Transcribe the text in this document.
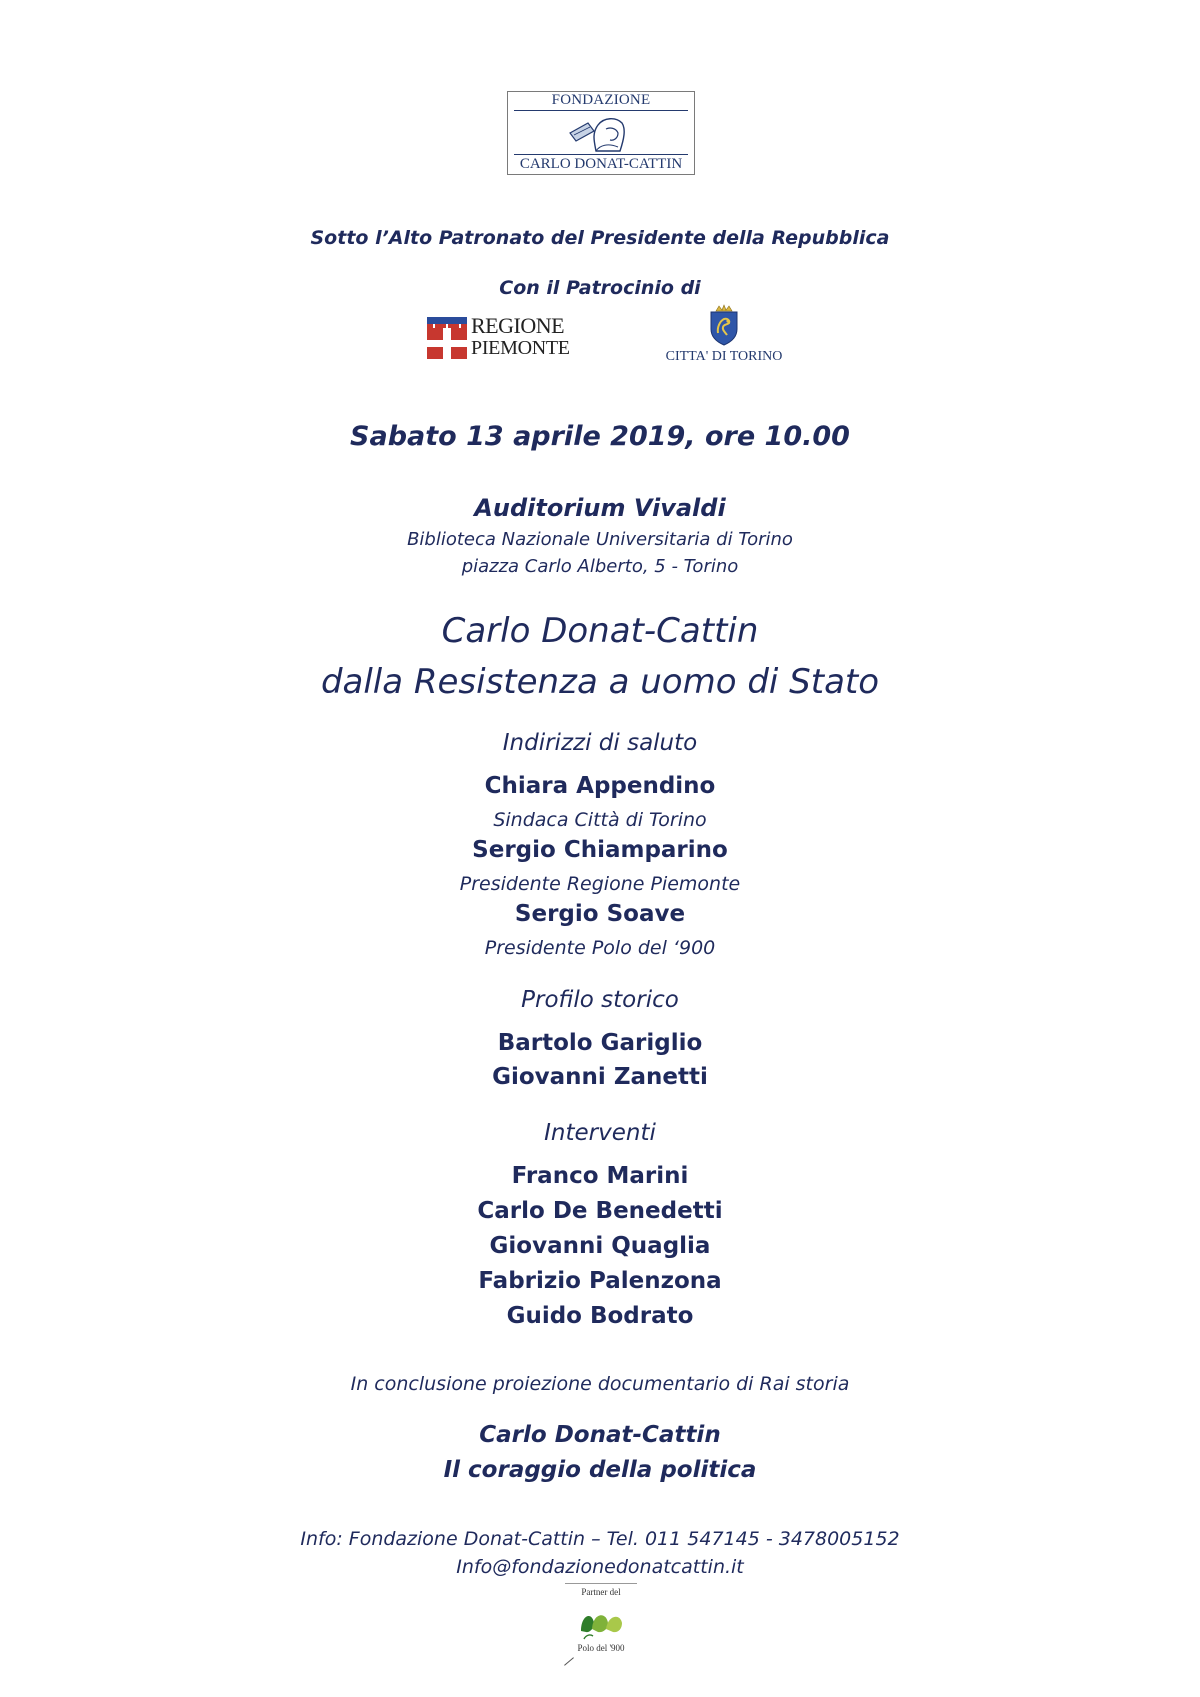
FONDAZIONE
CARLO DONAT-CATTIN
Sotto l’Alto Patronato del Presidente della Repubblica
Con il Patrocinio di
REGIONE
PIEMONTE	CITTA' DI TORINO
Sabato 13 aprile 2019, ore 10.00
Auditorium Vivaldi
Biblioteca Nazionale Universitaria di Torino
piazza Carlo Alberto, 5 - Torino
Carlo Donat-Cattin
dalla Resistenza a uomo di Stato
Indirizzi di saluto
Chiara Appendino
Sindaca Città di Torino
Sergio Chiamparino
Presidente Regione Piemonte
Sergio Soave
Presidente Polo del ‘900
Profilo storico
Bartolo Gariglio
Giovanni Zanetti
Interventi
Franco Marini
Carlo De Benedetti
Giovanni Quaglia
Fabrizio Palenzona
Guido Bodrato
In conclusione proiezione documentario di Rai storia
Carlo Donat-Cattin
Il coraggio della politica
Info: Fondazione Donat-Cattin – Tel. 011 547145 - 3478005152
Info@fondazionedonatcattin.it
Partner del
Polo del '900
